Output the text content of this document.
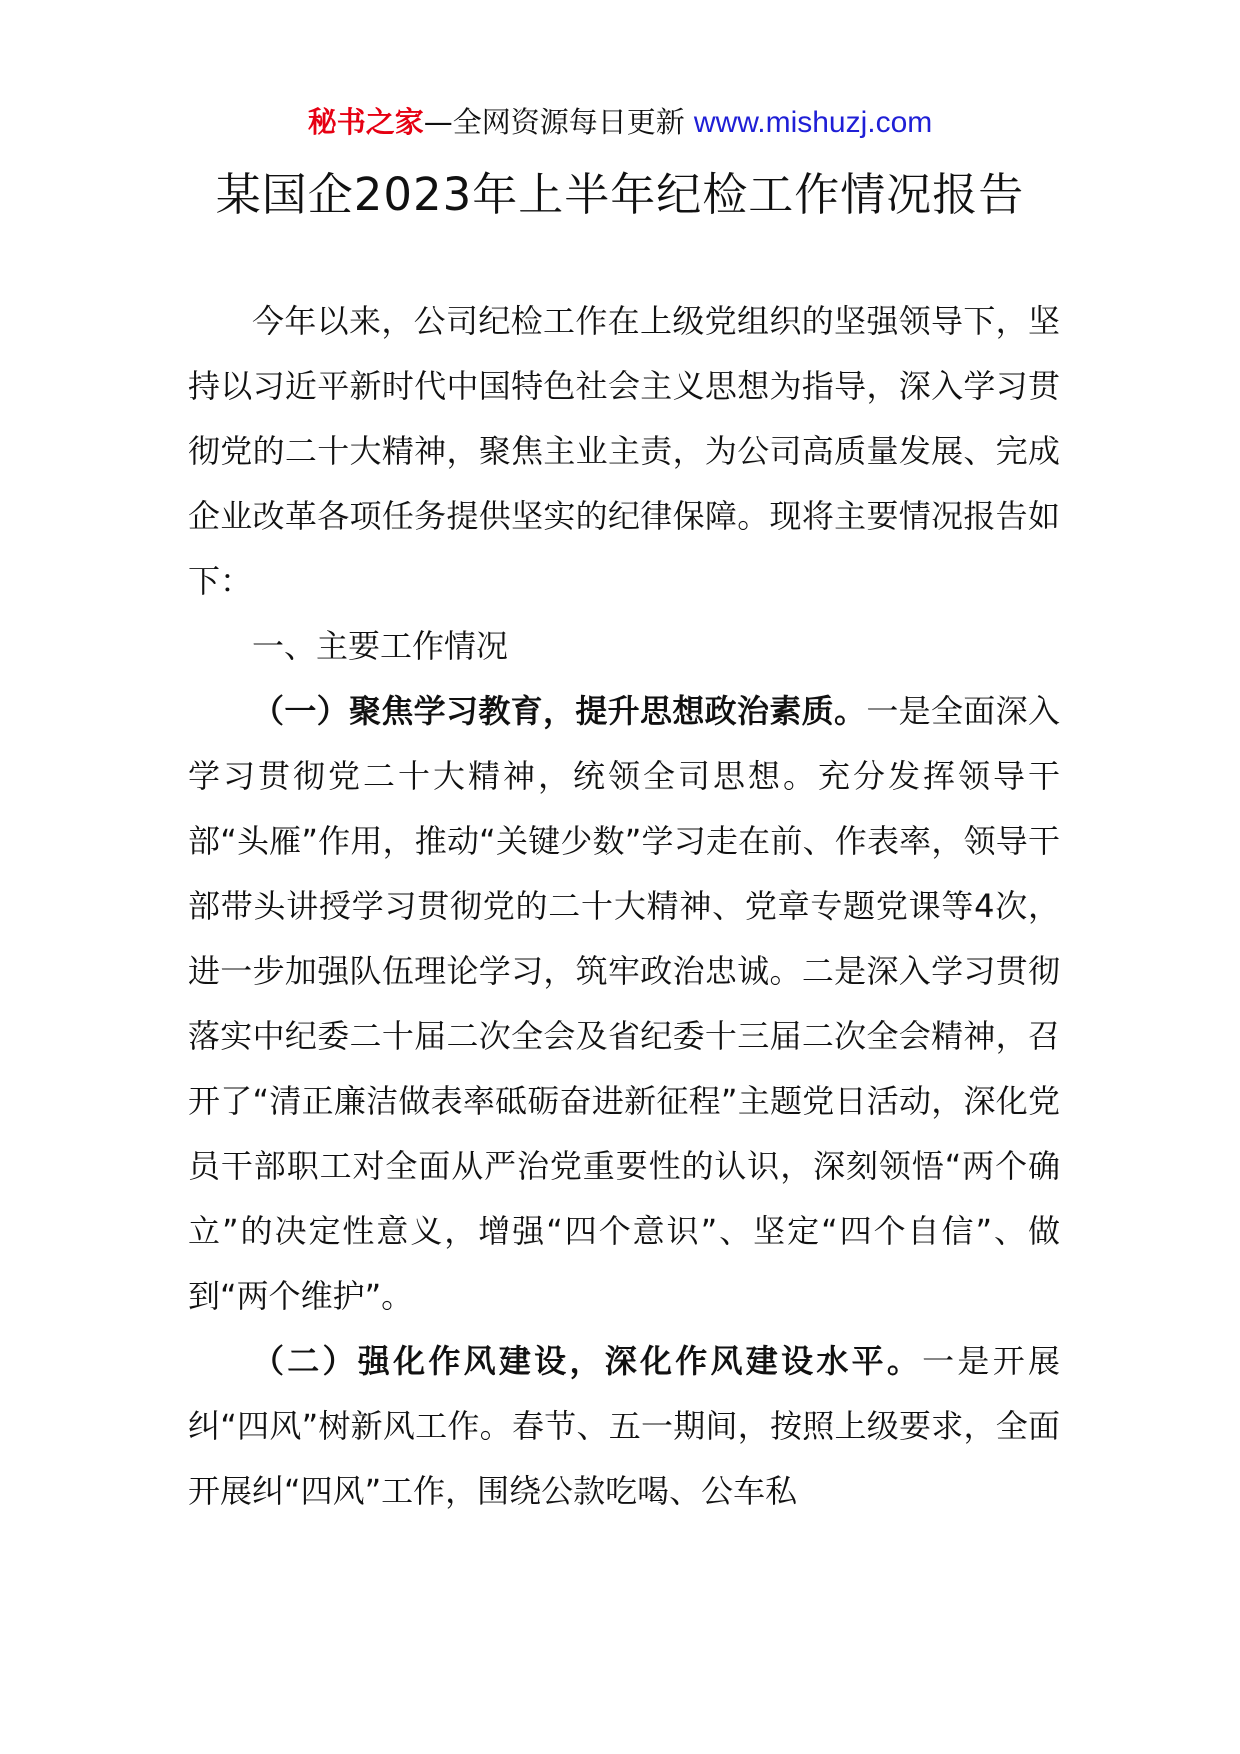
秘书之家—全网资源每日更新 www.mishuzj.com
某国企2023年上半年纪检工作情况报告

今年以来，公司纪检工作在上级党组织的坚强领导下，坚持以习近平新时代中国特色社会主义思想为指导，深入学习贯彻党的二十大精神，聚焦主业主责，为公司高质量发展、完成企业改革各项任务提供坚实的纪律保障。现将主要情况报告如下：

一、主要工作情况

（一）聚焦学习教育，提升思想政治素质。一是全面深入学习贯彻党二十大精神，统领全司思想。充分发挥领导干部“头雁”作用，推动“关键少数”学习走在前、作表率，领导干部带头讲授学习贯彻党的二十大精神、党章专题党课等4次，进一步加强队伍理论学习，筑牢政治忠诚。二是深入学习贯彻落实中纪委二十届二次全会及省纪委十三届二次全会精神，召开了“清正廉洁做表率砥砺奋进新征程”主题党日活动，深化党员干部职工对全面从严治党重要性的认识，深刻领悟“两个确立”的决定性意义，增强“四个意识”、坚定“四个自信”、做到“两个维护”。

（二）强化作风建设，深化作风建设水平。一是开展纠“四风”树新风工作。春节、五一期间，按照上级要求，全面开展纠“四风”工作，围绕公款吃喝、公车私
